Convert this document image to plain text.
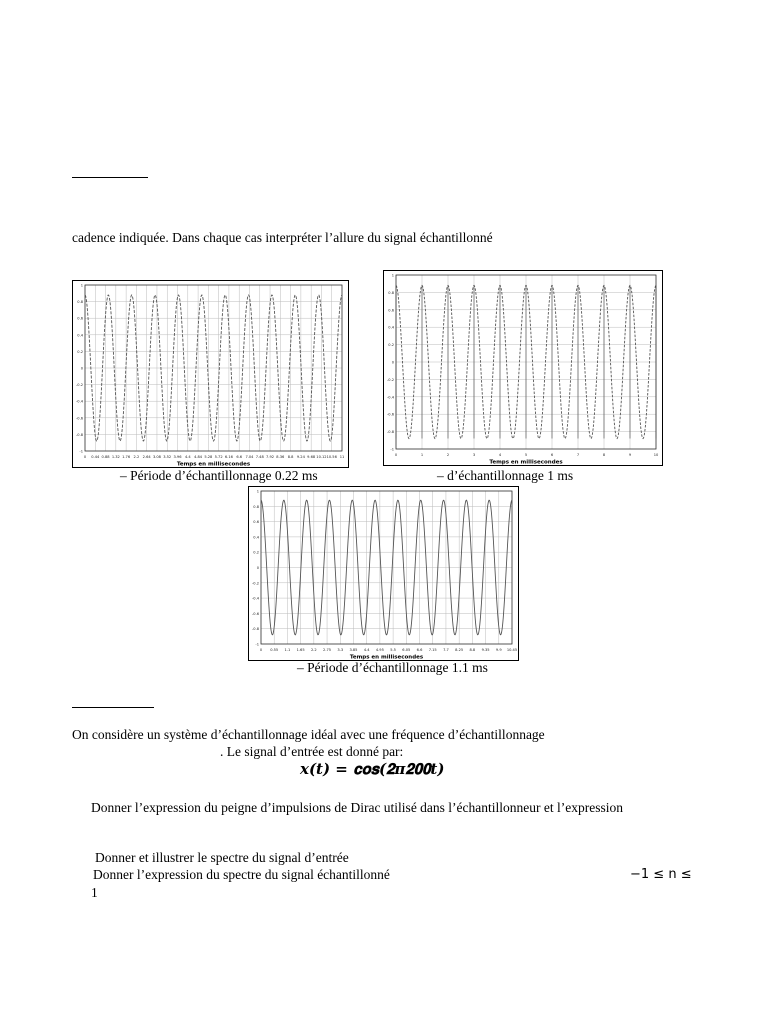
cadence indiquée. Dans chaque cas interpréter l’allure du signal échantillonné
0 0.44 0.88 1.32 1.76 2.2 2.64 3.08 3.52 3.96 4.4 4.84 5.28 5.72 6.16 6.6 7.04 7.48 7.92 8.36 8.8 9.24 9.68 10.12 10.56 11
1
0.8
0.6
0.4
0.2
0
-0.2
-0.4
-0.6
-0.8
-1
Temps en millisecondes
– Période d’échantillonnage 0.22 ms
0	1	2	3	4	5	6	7	8	9	10
1
0.8
0.6
0.4
0.2
0
-0.2
-0.4
-0.6
-0.8
-1
Temps en millisecondes
– d’échantillonnage 1 ms
0 0.55 1.1 1.65 2.2 2.75 3.3 3.85 4.4 4.95 5.5 6.05 6.6 7.15 7.7 8.25 8.8 9.35 9.9 10.45
1
0.8
0.6
0.4
0.2
0
-0.2
-0.4
-0.6
-0.8
-1
Temps en millisecondes
– Période d’échantillonnage 1.1 ms
On considère un système d’échantillonnage idéal avec une fréquence d’échantillonnage
. Le signal d’entrée est donné par:
𝒙(𝒕) = 𝐜𝐨𝐬(𝟐𝝅𝟐𝟎𝟎𝒕)
Donner l’expression du peigne d’impulsions de Dirac utilisé dans l’échantillonneur et l’expression
Donner et illustrer le spectre du signal d’entrée
Donner l’expression du spectre du signal échantillonné	−1 ≤ n ≤
1
